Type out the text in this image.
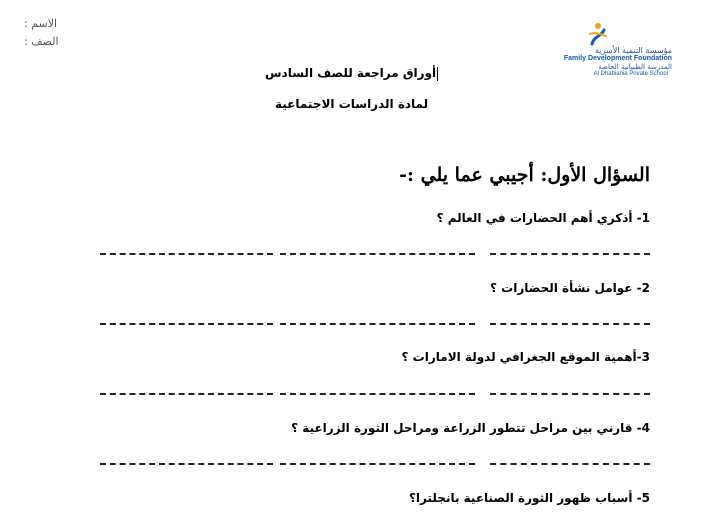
الاسم :
الصف :
مؤسسة التنمية الأسرية
Family Development Foundation
المدرسة الظبيانية الخاصة
Al Dhabiania Private School
أوراق مراجعة للصف السادس
لمادة الدراسات الاجتماعية
السؤال الأول: أجيبي عما يلي :-
1- أذكري أهم الحضارات في العالم ؟
2- عوامل نشأة الحضارات ؟
3-أهمية الموقع الجغرافي لدولة الامارات ؟
4- قارني بين مراحل تتطور الزراعة ومراحل الثورة الزراعية ؟
5- أسباب ظهور الثورة الصناعية بانجلترا؟
